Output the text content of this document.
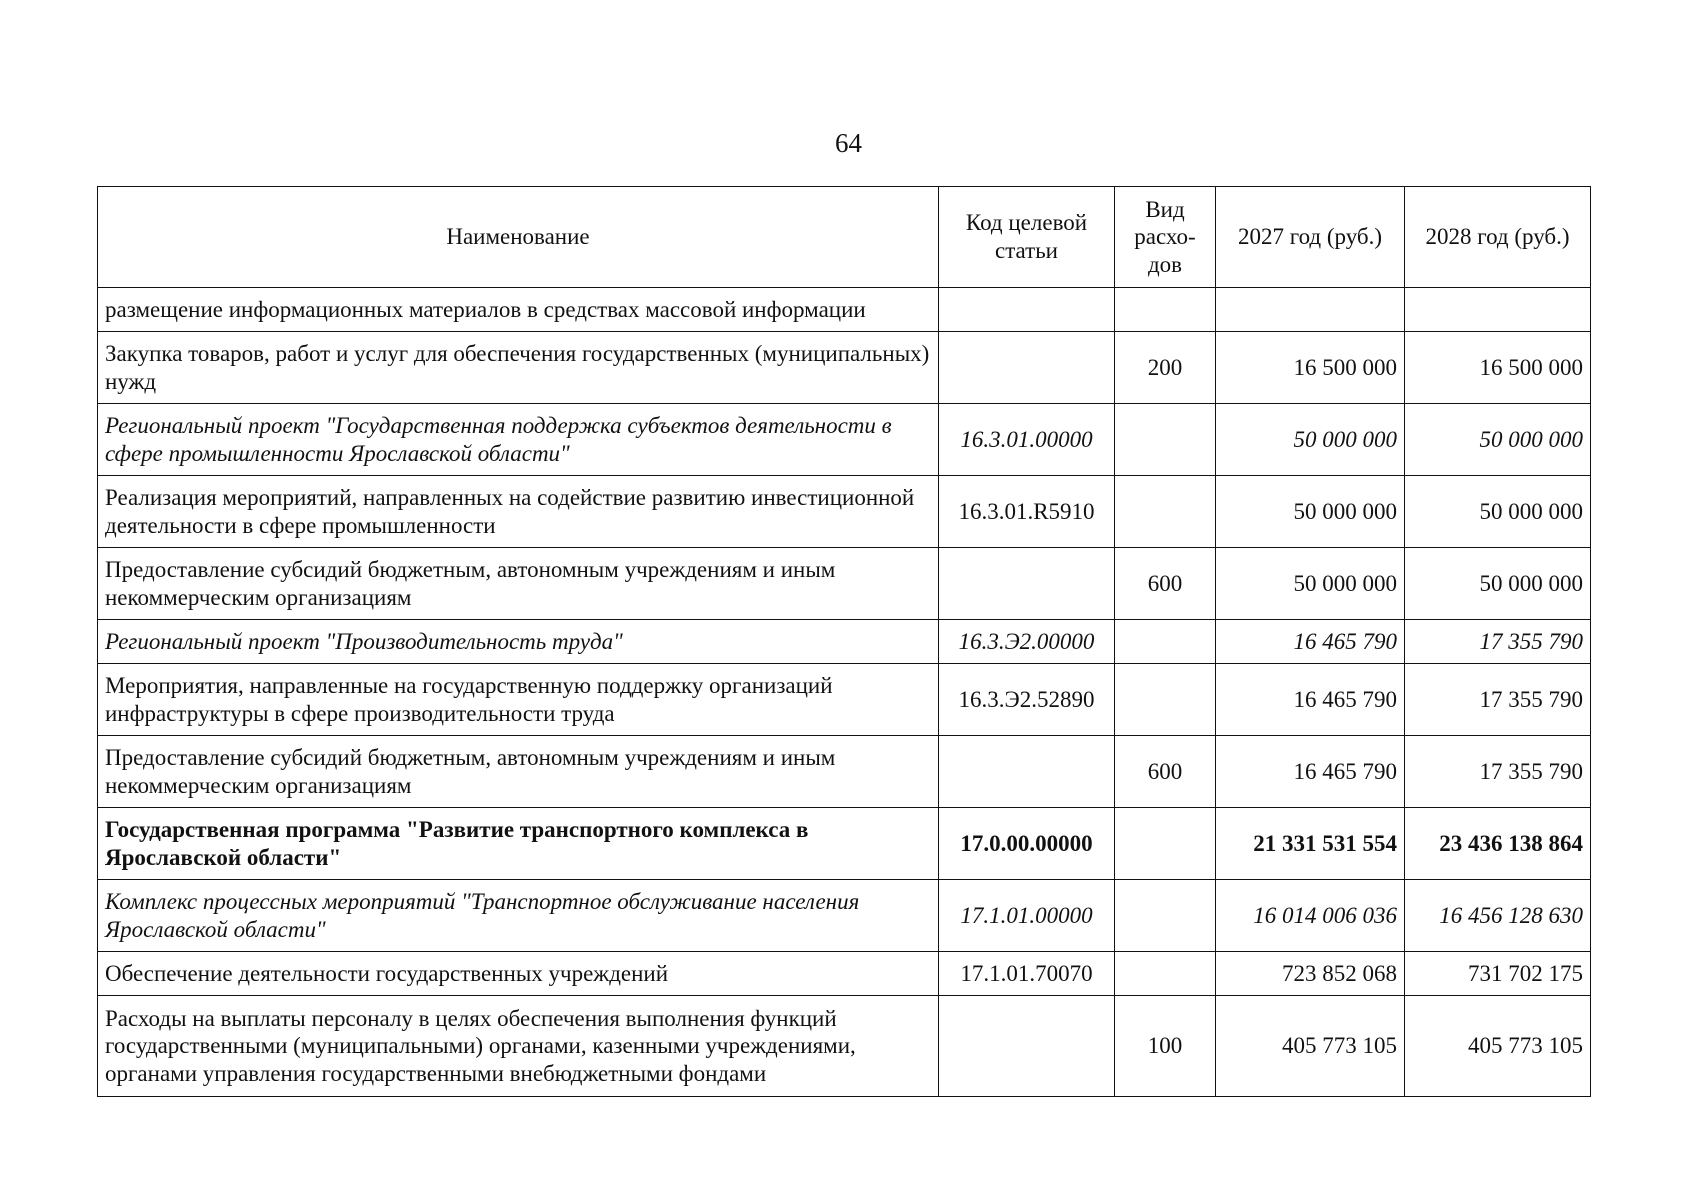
64
Наименование	Код целевой статьи	Вид расхо-дов	2027 год (руб.)	2028 год (руб.)
размещение информационных материалов в средствах массовой информации				
Закупка товаров, работ и услуг для обеспечения государственных (муниципальных) нужд		200	16 500 000	16 500 000
Региональный проект "Государственная поддержка субъектов деятельности в сфере промышленности Ярославской области"	16.3.01.00000		50 000 000	50 000 000
Реализация мероприятий, направленных на содействие развитию инвестиционной деятельности в сфере промышленности	16.3.01.R5910		50 000 000	50 000 000
Предоставление субсидий бюджетным, автономным учреждениям и иным некоммерческим организациям		600	50 000 000	50 000 000
Региональный проект "Производительность труда"	16.3.Э2.00000		16 465 790	17 355 790
Мероприятия, направленные на государственную поддержку организаций инфраструктуры в сфере производительности труда	16.3.Э2.52890		16 465 790	17 355 790
Предоставление субсидий бюджетным, автономным учреждениям и иным некоммерческим организациям		600	16 465 790	17 355 790
Государственная программа "Развитие транспортного комплекса в Ярославской области"	17.0.00.00000		21 331 531 554	23 436 138 864
Комплекс процессных мероприятий "Транспортное обслуживание населения Ярославской области"	17.1.01.00000		16 014 006 036	16 456 128 630
Обеспечение деятельности государственных учреждений	17.1.01.70070		723 852 068	731 702 175
Расходы на выплаты персоналу в целях обеспечения выполнения функций государственными (муниципальными) органами, казенными учреждениями, органами управления государственными внебюджетными фондами		100	405 773 105	405 773 105
